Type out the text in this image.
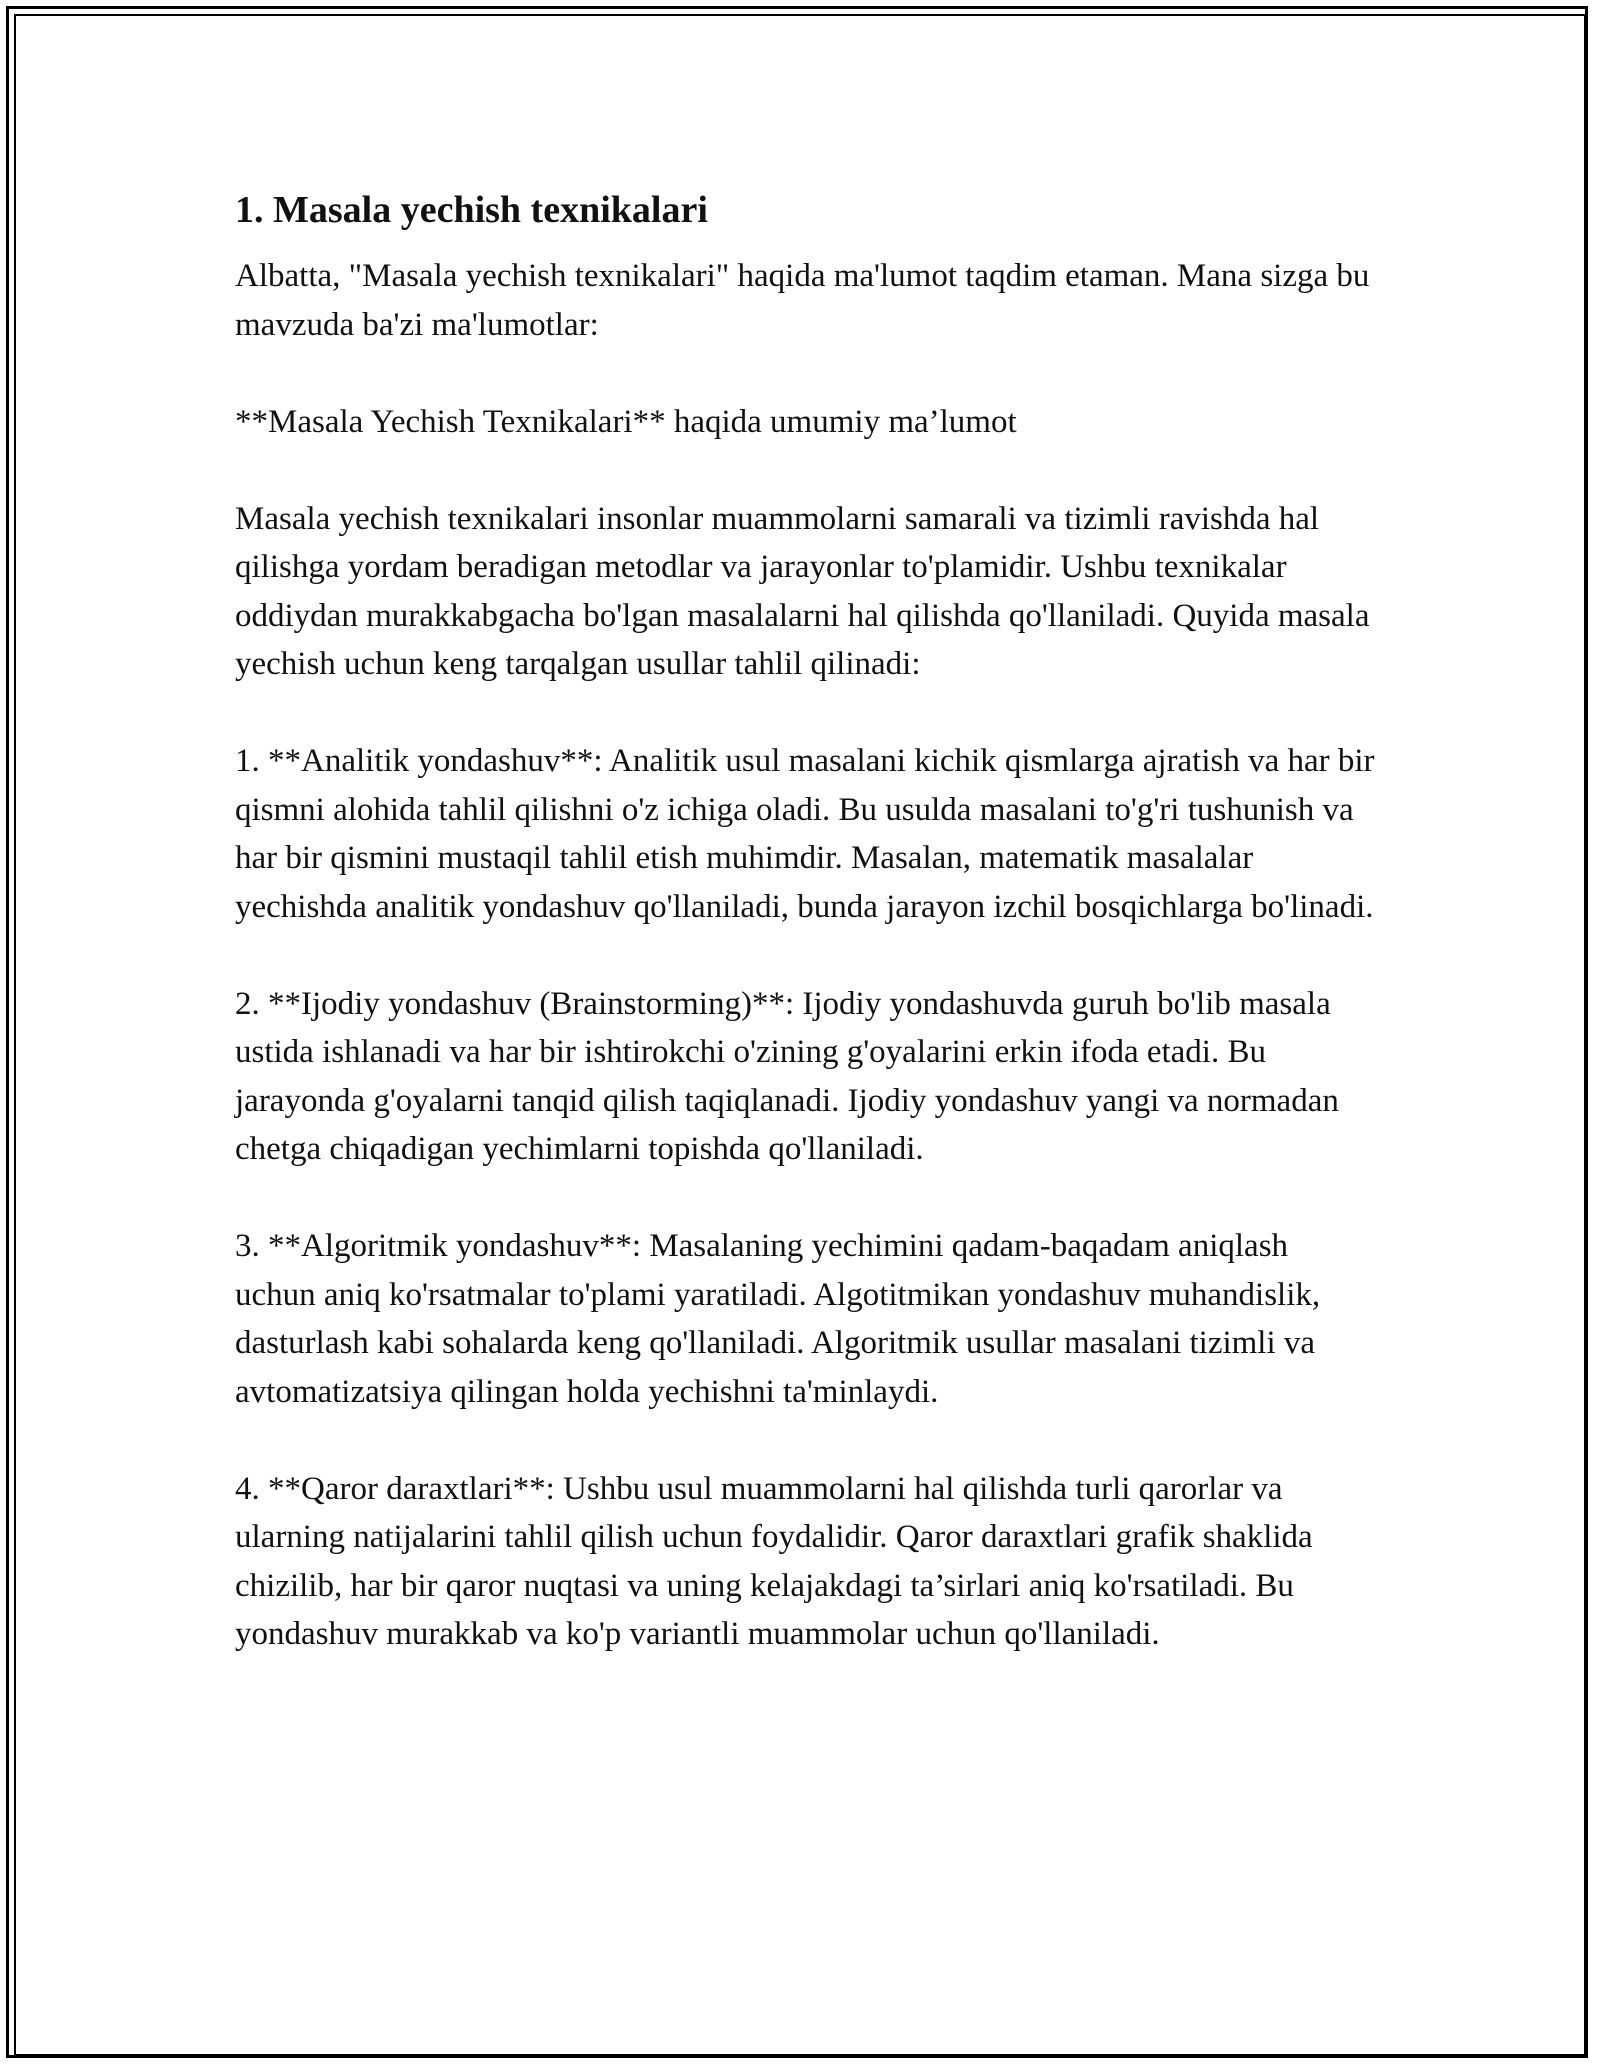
1. Masala yechish texnikalari

Albatta, "Masala yechish texnikalari" haqida ma'lumot taqdim etaman. Mana sizga bu mavzuda ba'zi ma'lumotlar:

**Masala Yechish Texnikalari** haqida umumiy ma’lumot

Masala yechish texnikalari insonlar muammolarni samarali va tizimli ravishda hal qilishga yordam beradigan metodlar va jarayonlar to'plamidir. Ushbu texnikalar oddiydan murakkabgacha bo'lgan masalalarni hal qilishda qo'llaniladi. Quyida masala yechish uchun keng tarqalgan usullar tahlil qilinadi:

1. **Analitik yondashuv**: Analitik usul masalani kichik qismlarga ajratish va har bir qismni alohida tahlil qilishni o'z ichiga oladi. Bu usulda masalani to'g'ri tushunish va har bir qismini mustaqil tahlil etish muhimdir. Masalan, matematik masalalar yechishda analitik yondashuv qo'llaniladi, bunda jarayon izchil bosqichlarga bo'linadi.

2. **Ijodiy yondashuv (Brainstorming)**: Ijodiy yondashuvda guruh bo'lib masala ustida ishlanadi va har bir ishtirokchi o'zining g'oyalarini erkin ifoda etadi. Bu jarayonda g'oyalarni tanqid qilish taqiqlanadi. Ijodiy yondashuv yangi va normadan chetga chiqadigan yechimlarni topishda qo'llaniladi.

3. **Algoritmik yondashuv**: Masalaning yechimini qadam-baqadam aniqlash uchun aniq ko'rsatmalar to'plami yaratiladi. Algotitmikan yondashuv muhandislik, dasturlash kabi sohalarda keng qo'llaniladi. Algoritmik usullar masalani tizimli va avtomatizatsiya qilingan holda yechishni ta'minlaydi.

4. **Qaror daraxtlari**: Ushbu usul muammolarni hal qilishda turli qarorlar va ularning natijalarini tahlil qilish uchun foydalidir. Qaror daraxtlari grafik shaklida chizilib, har bir qaror nuqtasi va uning kelajakdagi ta’sirlari aniq ko'rsatiladi. Bu yondashuv murakkab va ko'p variantli muammolar uchun qo'llaniladi.
